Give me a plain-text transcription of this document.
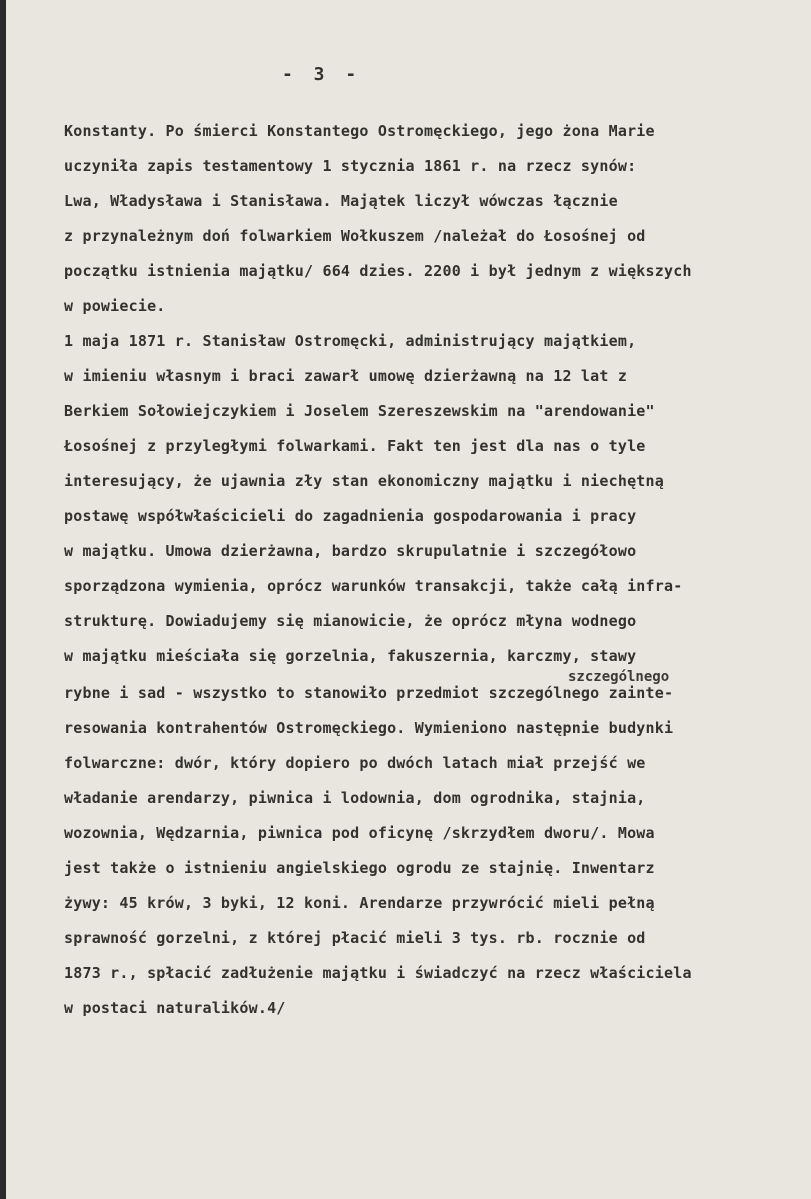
- 3 -
szczególnego
Konstanty. Po śmierci Konstantego Ostromęckiego, jego żona Marie
uczyniła zapis testamentowy 1 stycznia 1861 r. na rzecz synów:
Lwa, Władysława i Stanisława. Majątek liczył wówczas łącznie
z przynależnym doń folwarkiem Wołkuszem /należał do Łosośnej od
początku istnienia majątku/ 664 dzies. 2200 i był jednym z większych
w powiecie.
1 maja 1871 r. Stanisław Ostromęcki, administrujący majątkiem,
w imieniu własnym i braci zawarł umowę dzierżawną na 12 lat z
Berkiem Sołowiejczykiem i Joselem Szereszewskim na "arendowanie"
Łosośnej z przyległymi folwarkami. Fakt ten jest dla nas o tyle
interesujący, że ujawnia zły stan ekonomiczny majątku i niechętną
postawę współwłaścicieli do zagadnienia gospodarowania i pracy
w majątku. Umowa dzierżawna, bardzo skrupulatnie i szczegółowo
sporządzona wymienia, oprócz warunków transakcji, także całą infra-
strukturę. Dowiadujemy się mianowicie, że oprócz młyna wodnego
w majątku mieściała się gorzelnia, fakuszernia, karczmy, stawy
rybne i sad - wszystko to stanowiło przedmiot szczególnego zainte-
resowania kontrahentów Ostromęckiego. Wymieniono następnie budynki
folwarczne: dwór, który dopiero po dwóch latach miał przejść we
władanie arendarzy, piwnica i lodownia, dom ogrodnika, stajnia,
wozownia, Wędzarnia, piwnica pod oficynę /skrzydłem dworu/. Mowa
jest także o istnieniu angielskiego ogrodu ze stajnię. Inwentarz
żywy: 45 krów, 3 byki, 12 koni. Arendarze przywrócić mieli pełną
sprawność gorzelni, z której płacić mieli 3 tys. rb. rocznie od
1873 r., spłacić zadłużenie majątku i świadczyć na rzecz właściciela
w postaci naturalików.4/
